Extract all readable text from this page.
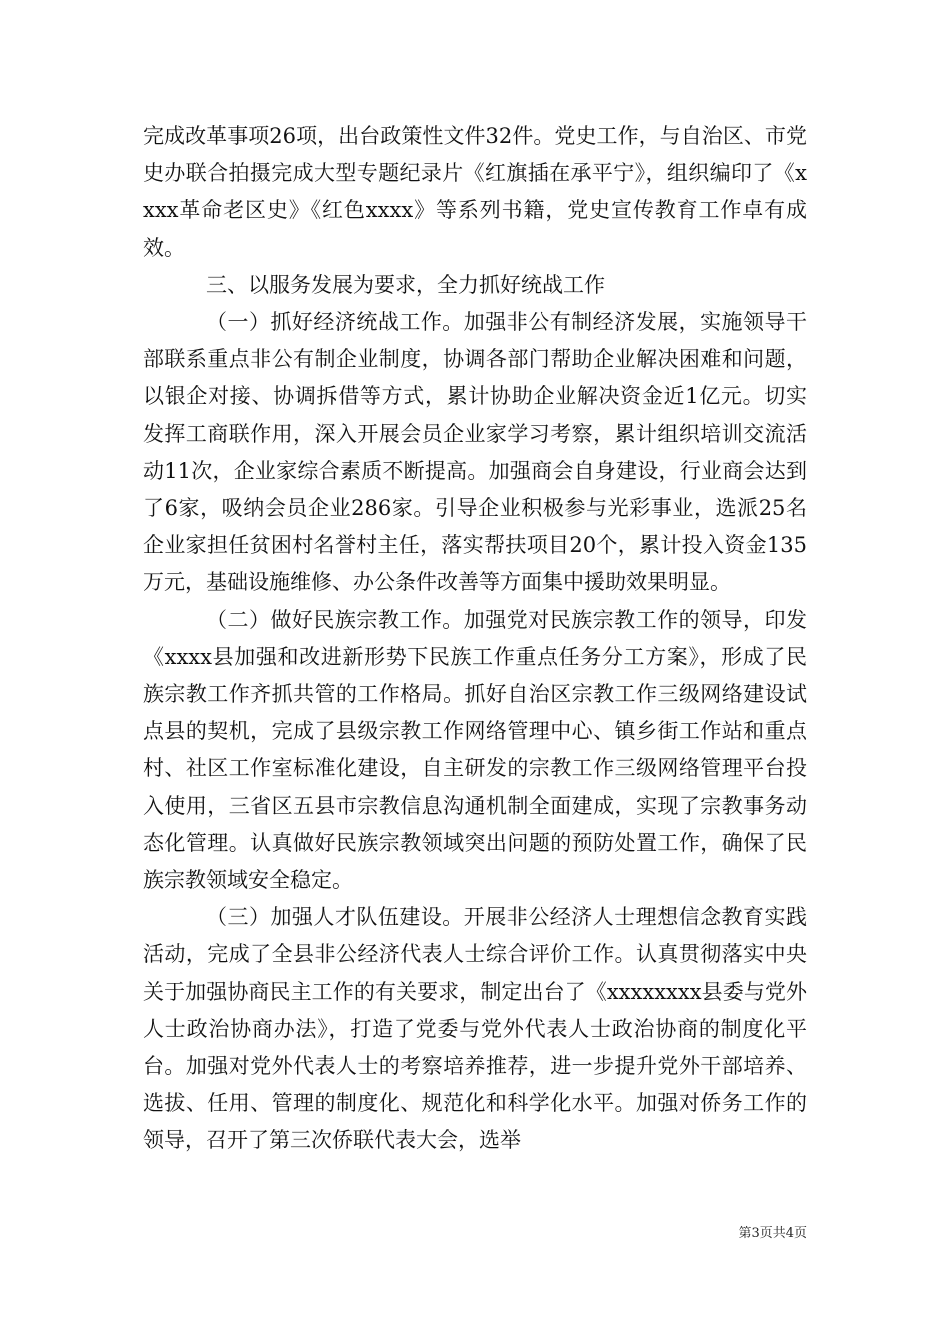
完成改革事项26项，出台政策性文件32件。党史工作，与自治区、市党史办联合拍摄完成大型专题纪录片《红旗插在承平宁》，组织编印了《xxxx革命老区史》《红色xxxx》等系列书籍，党史宣传教育工作卓有成效。

三、以服务发展为要求，全力抓好统战工作

（一）抓好经济统战工作。加强非公有制经济发展，实施领导干部联系重点非公有制企业制度，协调各部门帮助企业解决困难和问题，以银企对接、协调拆借等方式，累计协助企业解决资金近1亿元。切实发挥工商联作用，深入开展会员企业家学习考察，累计组织培训交流活动11次，企业家综合素质不断提高。加强商会自身建设，行业商会达到了6家，吸纳会员企业286家。引导企业积极参与光彩事业，选派25名企业家担任贫困村名誉村主任，落实帮扶项目20个，累计投入资金135万元，基础设施维修、办公条件改善等方面集中援助效果明显。

（二）做好民族宗教工作。加强党对民族宗教工作的领导，印发《xxxx县加强和改进新形势下民族工作重点任务分工方案》，形成了民族宗教工作齐抓共管的工作格局。抓好自治区宗教工作三级网络建设试点县的契机，完成了县级宗教工作网络管理中心、镇乡街工作站和重点村、社区工作室标准化建设，自主研发的宗教工作三级网络管理平台投入使用，三省区五县市宗教信息沟通机制全面建成，实现了宗教事务动态化管理。认真做好民族宗教领域突出问题的预防处置工作，确保了民族宗教领域安全稳定。

（三）加强人才队伍建设。开展非公经济人士理想信念教育实践活动，完成了全县非公经济代表人士综合评价工作。认真贯彻落实中央关于加强协商民主工作的有关要求，制定出台了《xxxxxxxx县委与党外人士政治协商办法》，打造了党委与党外代表人士政治协商的制度化平台。加强对党外代表人士的考察培养推荐，进一步提升党外干部培养、选拔、任用、管理的制度化、规范化和科学化水平。加强对侨务工作的领导，召开了第三次侨联代表大会，选举

第3页共4页
